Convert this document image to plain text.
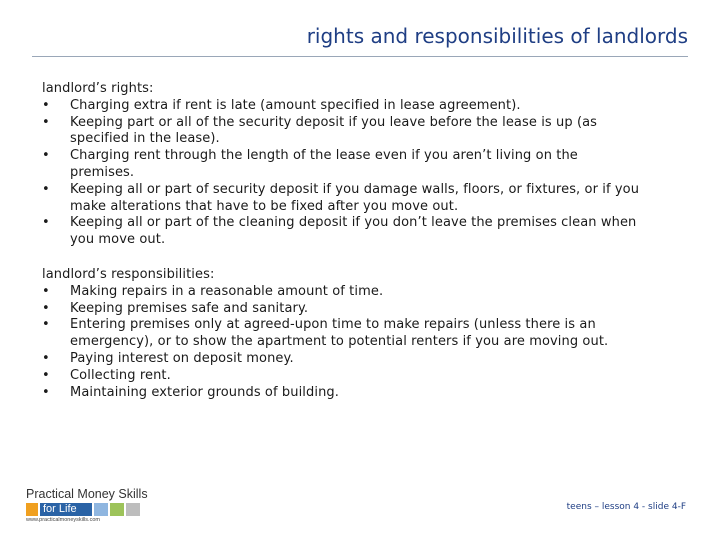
rights and responsibilities of landlords

landlord’s rights:

•	Charging extra if rent is late (amount specified in lease agreement).
•	Keeping part or all of the security deposit if you leave before the lease is up (as specified in the lease).
•	Charging rent through the length of the lease even if you aren’t living on the premises.
•	Keeping all or part of security deposit if you damage walls, floors, or fixtures, or if you make alterations that have to be fixed after you move out.
•	Keeping all or part of the cleaning deposit if you don’t leave the premises clean when you move out.

landlord’s responsibilities:

•	Making repairs in a reasonable amount of time.
•	Keeping premises safe and sanitary.
•	Entering premises only at agreed-upon time to make repairs (unless there is an emergency), or to show the apartment to potential renters if you are moving out.
•	Paying interest on deposit money.
•	Collecting rent.
•	Maintaining exterior grounds of building.
Practical Money Skills
for Life
www.practicalmoneyskills.com
teens – lesson 4 - slide 4-F
